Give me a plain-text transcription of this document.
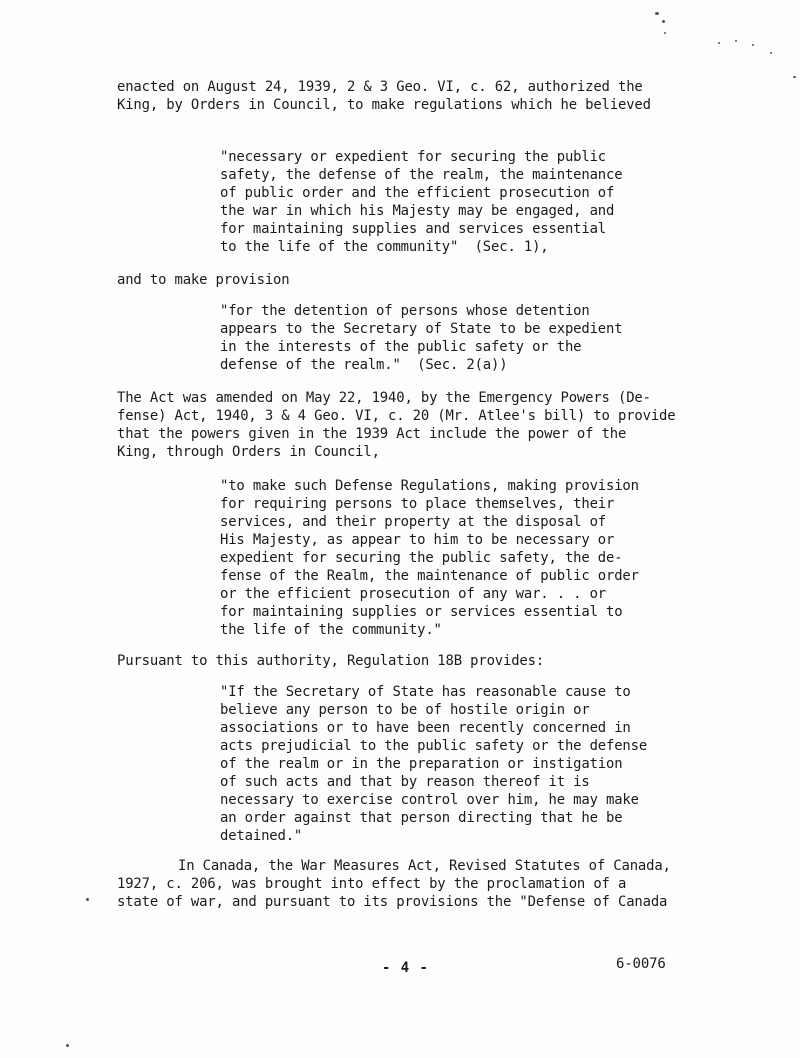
enacted on August 24, 1939, 2 & 3 Geo. VI, c. 62, authorized the
King, by Orders in Council, to make regulations which he believed
"necessary or expedient for securing the public
safety, the defense of the realm, the maintenance
of public order and the efficient prosecution of
the war in which his Majesty may be engaged, and
for maintaining supplies and services essential
to the life of the community"  (Sec. 1),
and to make provision
"for the detention of persons whose detention
appears to the Secretary of State to be expedient
in the interests of the public safety or the
defense of the realm."  (Sec. 2(a))
The Act was amended on May 22, 1940, by the Emergency Powers (De-
fense) Act, 1940, 3 & 4 Geo. VI, c. 20 (Mr. Atlee's bill) to provide
that the powers given in the 1939 Act include the power of the
King, through Orders in Council,
"to make such Defense Regulations, making provision
for requiring persons to place themselves, their
services, and their property at the disposal of
His Majesty, as appear to him to be necessary or
expedient for securing the public safety, the de-
fense of the Realm, the maintenance of public order
or the efficient prosecution of any war. . . or
for maintaining supplies or services essential to
the life of the community."
Pursuant to this authority, Regulation 18B provides:
"If the Secretary of State has reasonable cause to
believe any person to be of hostile origin or
associations or to have been recently concerned in
acts prejudicial to the public safety or the defense
of the realm or in the preparation or instigation
of such acts and that by reason thereof it is
necessary to exercise control over him, he may make
an order against that person directing that he be
detained."
In Canada, the War Measures Act, Revised Statutes of Canada,
1927, c. 206, was brought into effect by the proclamation of a
state of war, and pursuant to its provisions the "Defense of Canada
- 4 -	6-0076
